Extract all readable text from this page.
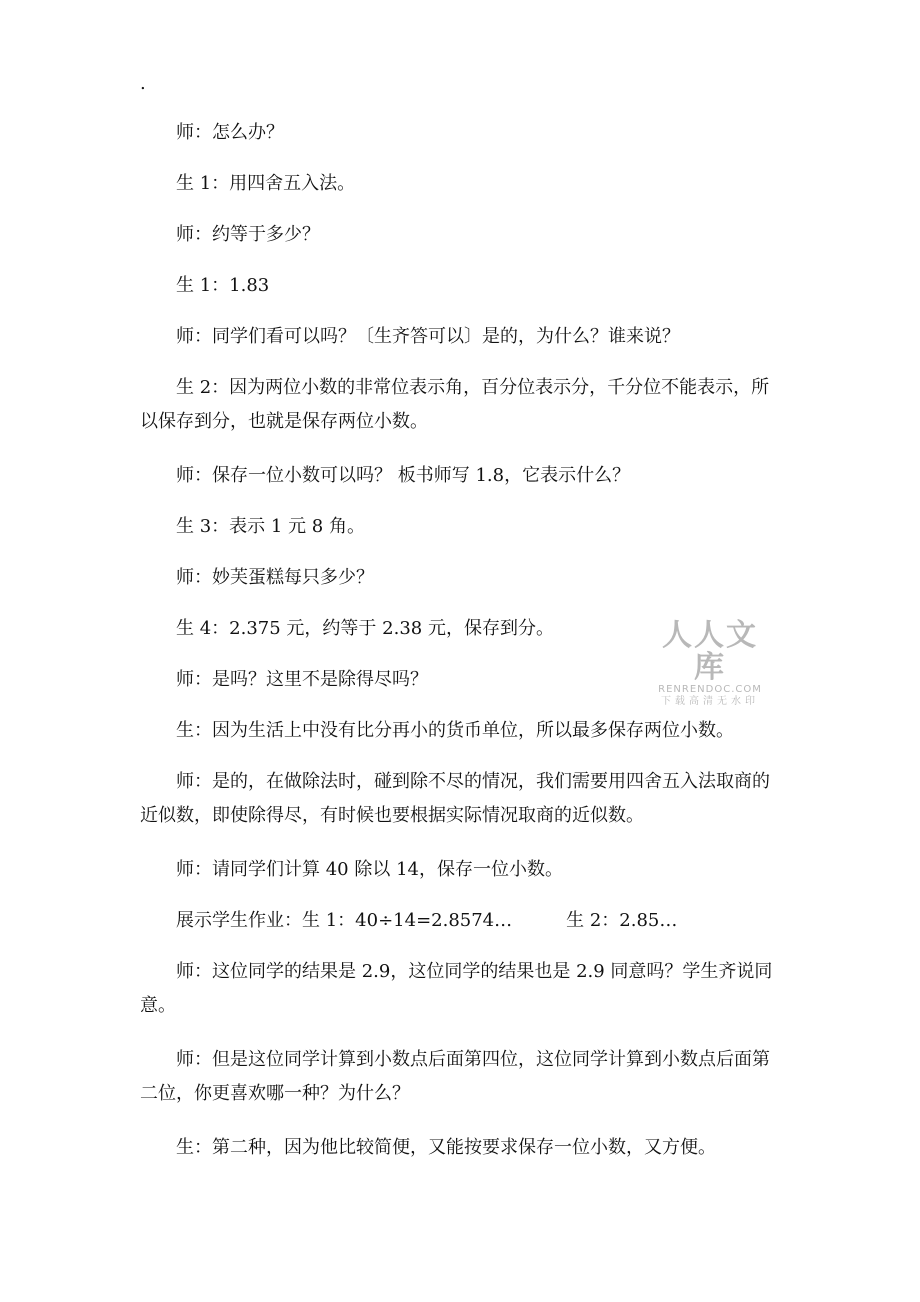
.

师：怎么办？

生 1：用四舍五入法。

师：约等于多少？

生 1：1.83

师：同学们看可以吗？〔生齐答可以〕是的，为什么？谁来说？

生 2：因为两位小数的非常位表示角，百分位表示分，千分位不能表示，所以保存到分，也就是保存两位小数。

师：保存一位小数可以吗？ 板书师写 1.8，它表示什么？

生 3：表示 1 元 8 角。

师：妙芙蛋糕每只多少？

生 4：2.375 元，约等于 2.38 元，保存到分。

师：是吗？这里不是除得尽吗？

生：因为生活上中没有比分再小的货币单位，所以最多保存两位小数。

师：是的，在做除法时，碰到除不尽的情况，我们需要用四舍五入法取商的近似数，即使除得尽，有时候也要根据实际情况取商的近似数。

师：请同学们计算 40 除以 14，保存一位小数。

展示学生作业：生 1：40÷14=2.8574…　　　生 2：2.85…

师：这位同学的结果是 2.9，这位同学的结果也是 2.9 同意吗？学生齐说同意。

师：但是这位同学计算到小数点后面第四位，这位同学计算到小数点后面第二位，你更喜欢哪一种？为什么？

生：第二种，因为他比较简便，又能按要求保存一位小数，又方便。

人人文库
RENRENDOC.COM
下载高清无水印
